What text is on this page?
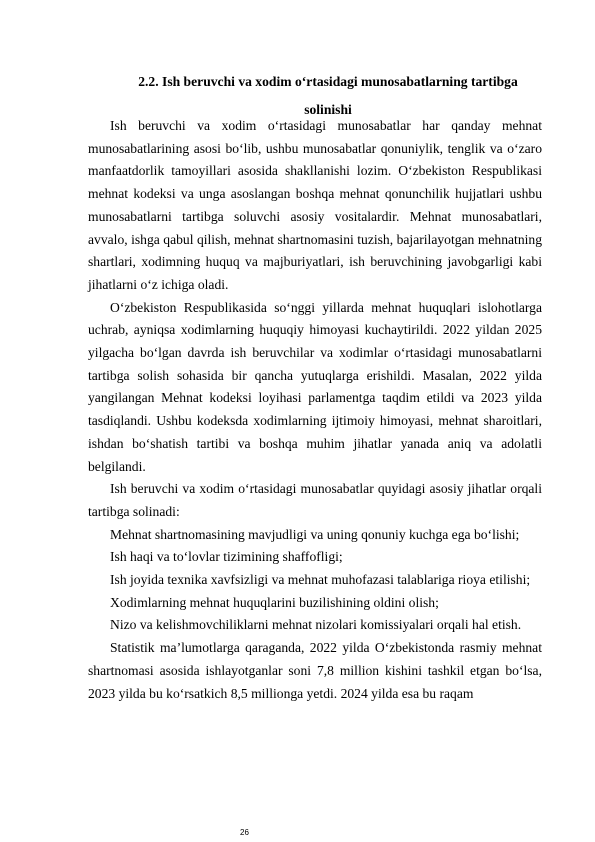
2.2. Ish beruvchi va xodim o‘rtasidagi munosabatlarning tartibga
solinishi

Ish beruvchi va xodim o‘rtasidagi munosabatlar har qanday mehnat munosabatlarining asosi bo‘lib, ushbu munosabatlar qonuniylik, tenglik va o‘zaro manfaatdorlik tamoyillari asosida shakllanishi lozim. O‘zbekiston Respublikasi mehnat kodeksi va unga asoslangan boshqa mehnat qonunchilik hujjatlari ushbu munosabatlarni tartibga soluvchi asosiy vositalardir. Mehnat munosabatlari, avvalo, ishga qabul qilish, mehnat shartnomasini tuzish, bajarilayotgan mehnatning shartlari, xodimning huquq va majburiyatlari, ish beruvchining javobgarligi kabi jihatlarni o‘z ichiga oladi.

O‘zbekiston Respublikasida so‘nggi yillarda mehnat huquqlari islohotlarga uchrab, ayniqsa xodimlarning huquqiy himoyasi kuchaytirildi. 2022 yildan 2025 yilgacha bo‘lgan davrda ish beruvchilar va xodimlar o‘rtasidagi munosabatlarni tartibga solish sohasida bir qancha yutuqlarga erishildi. Masalan, 2022 yilda yangilangan Mehnat kodeksi loyihasi parlamentga taqdim etildi va 2023 yilda tasdiqlandi. Ushbu kodeksda xodimlarning ijtimoiy himoyasi, mehnat sharoitlari, ishdan bo‘shatish tartibi va boshqa muhim jihatlar yanada aniq va adolatli belgilandi.

Ish beruvchi va xodim o‘rtasidagi munosabatlar quyidagi asosiy jihatlar orqali tartibga solinadi:

Mehnat shartnomasining mavjudligi va uning qonuniy kuchga ega bo‘lishi;

Ish haqi va to‘lovlar tizimining shaffofligi;

Ish joyida texnika xavfsizligi va mehnat muhofazasi talablariga rioya etilishi;

Xodimlarning mehnat huquqlarini buzilishining oldini olish;

Nizo va kelishmovchiliklarni mehnat nizolari komissiyalari orqali hal etish.

Statistik ma’lumotlarga qaraganda, 2022 yilda O‘zbekistonda rasmiy mehnat shartnomasi asosida ishlayotganlar soni 7,8 million kishini tashkil etgan bo‘lsa, 2023 yilda bu ko‘rsatkich 8,5 millionga yetdi. 2024 yilda esa bu raqam

26
